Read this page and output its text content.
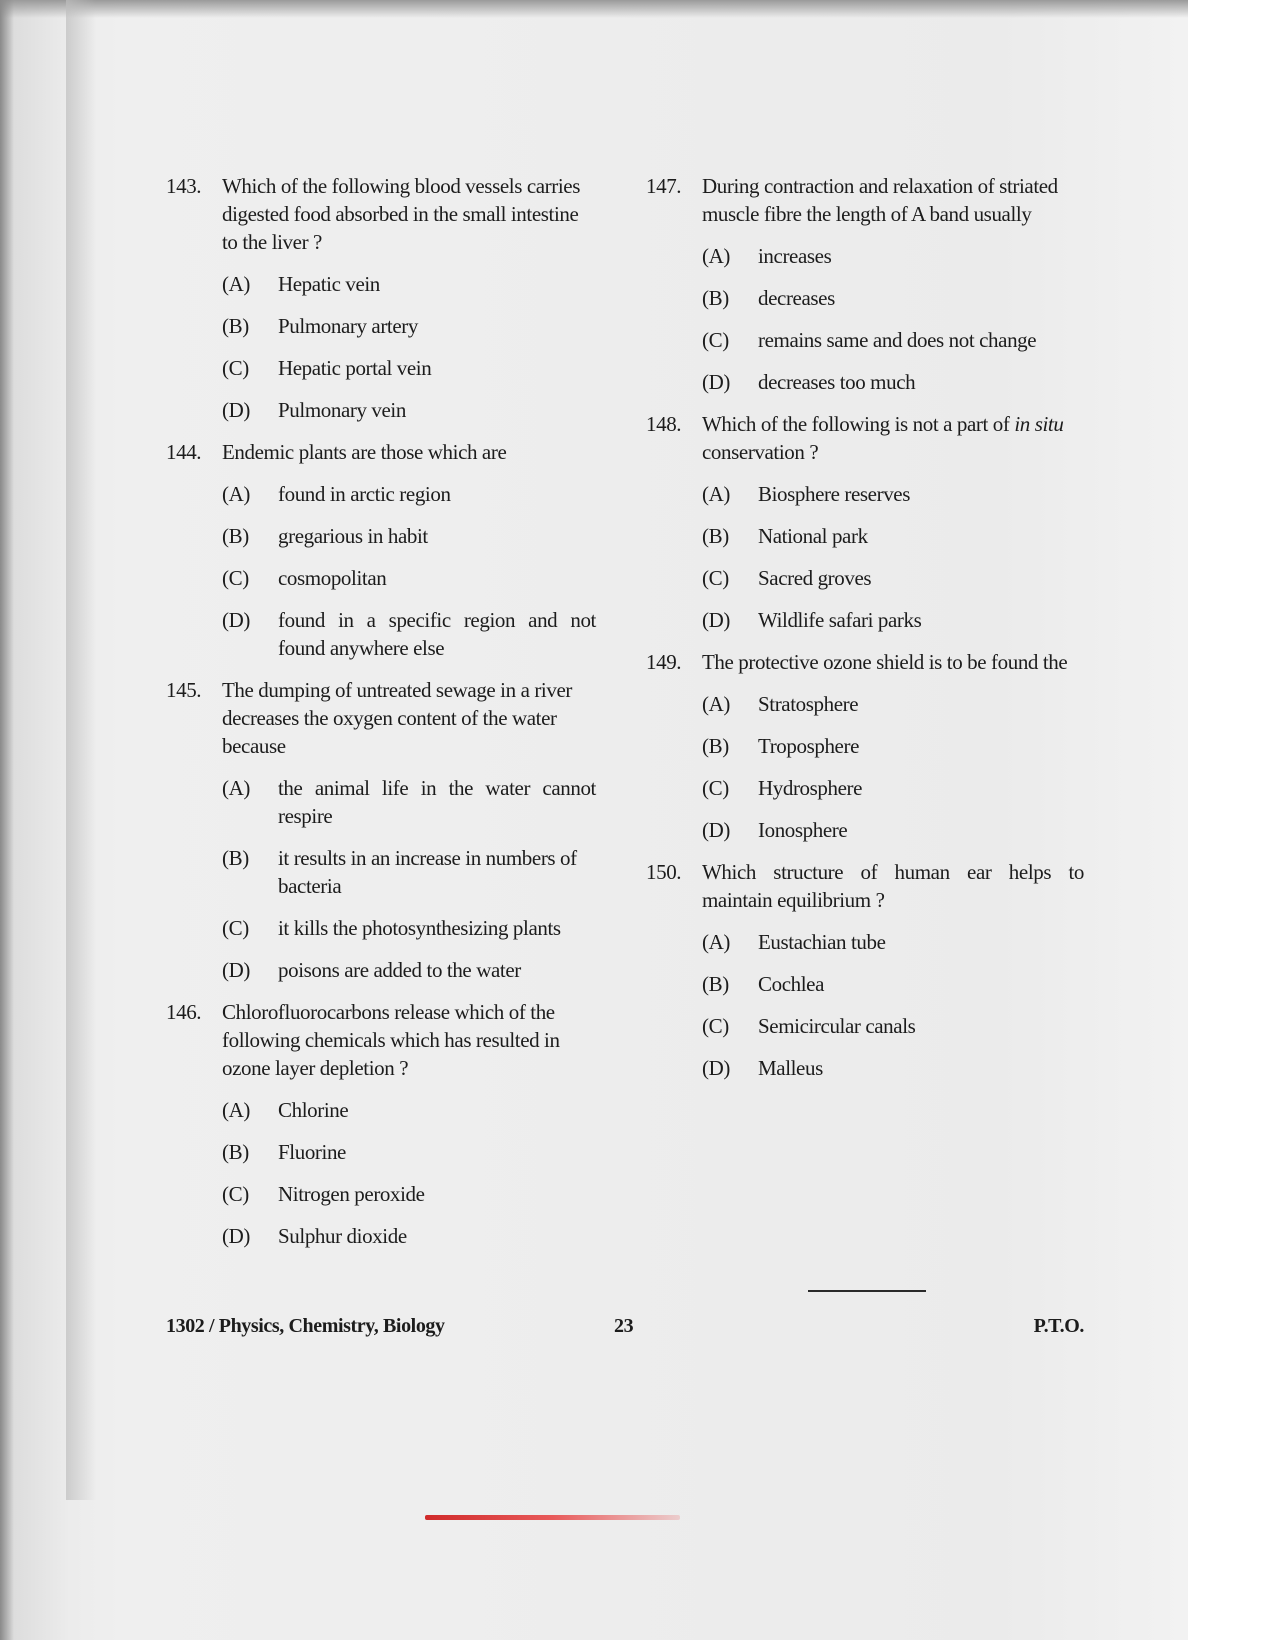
143. Which of the following blood vessels carries digested food absorbed in the small intestine to the liver ?
(A) Hepatic vein
(B) Pulmonary artery
(C) Hepatic portal vein
(D) Pulmonary vein
144. Endemic plants are those which are
(A) found in arctic region
(B) gregarious in habit
(C) cosmopolitan
(D) found in a specific region and not found anywhere else
145. The dumping of untreated sewage in a river decreases the oxygen content of the water because
(A) the animal life in the water cannot respire
(B) it results in an increase in numbers of bacteria
(C) it kills the photosynthesizing plants
(D) poisons are added to the water
146. Chlorofluorocarbons release which of the following chemicals which has resulted in ozone layer depletion ?
(A) Chlorine
(B) Fluorine
(C) Nitrogen peroxide
(D) Sulphur dioxide
147. During contraction and relaxation of striated muscle fibre the length of A band usually
(A) increases
(B) decreases
(C) remains same and does not change
(D) decreases too much
148. Which of the following is not a part of in situ conservation ?
(A) Biosphere reserves
(B) National park
(C) Sacred groves
(D) Wildlife safari parks
149. The protective ozone shield is to be found the
(A) Stratosphere
(B) Troposphere
(C) Hydrosphere
(D) Ionosphere
150. Which structure of human ear helps to maintain equilibrium ?
(A) Eustachian tube
(B) Cochlea
(C) Semicircular canals
(D) Malleus
1302 / Physics, Chemistry, Biology	23	P.T.O.
